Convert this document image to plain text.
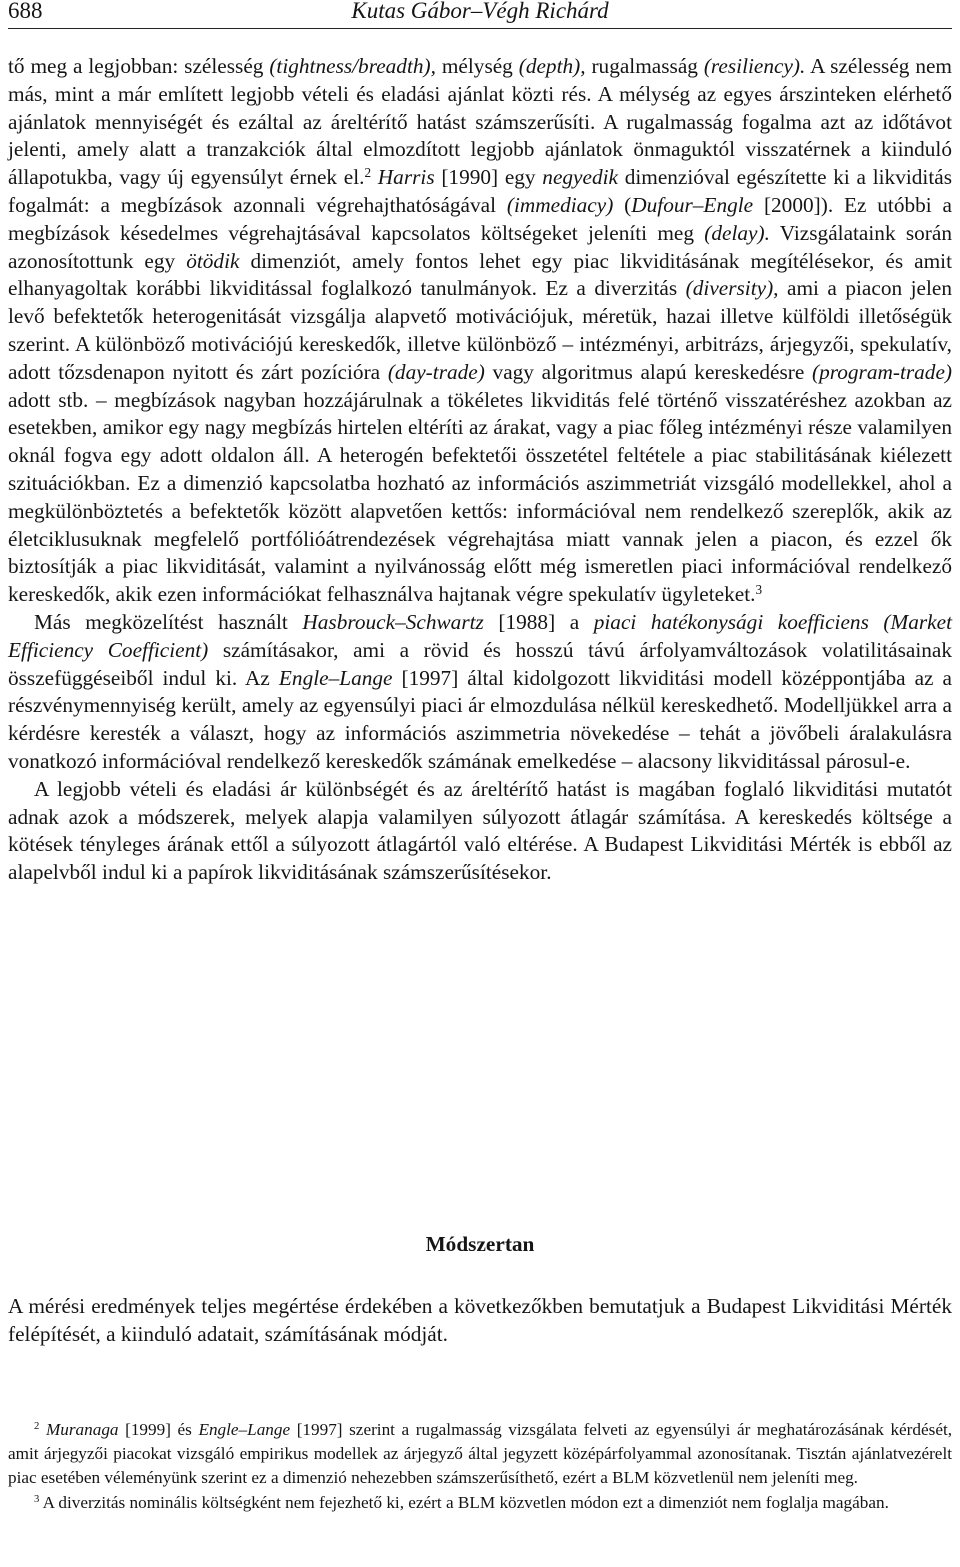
688	Kutas Gábor–Végh Richárd

tő meg a legjobban: szélesség (tightness/breadth), mélység (depth), rugalmasság (resiliency). A szélesség nem más, mint a már említett legjobb vételi és eladási ajánlat közti rés. A mélység az egyes árszinteken elérhető ajánlatok mennyiségét és ezáltal az áreltérítő hatást számszerűsíti. A rugalmasság fogalma azt az időtávot jelenti, amely alatt a tranzakciók által elmozdított legjobb ajánlatok önmaguktól visszatérnek a kiinduló állapotukba, vagy új egyensúlyt érnek el.$^2$ Harris [1990] egy negyedik dimenzióval egészítette ki a likviditás fogalmát: a megbízások azonnali végrehajthatóságával (immediacy) (Dufour–Engle [2000]). Ez utóbbi a megbízások késedelmes végrehajtásával kapcsolatos költségeket jeleníti meg (delay). Vizsgálataink során azonosítottunk egy ötödik dimenziót, amely fontos lehet egy piac likviditásának megítélésekor, és amit elhanyagoltak korábbi likviditással foglalkozó tanulmányok. Ez a diverzitás (diversity), ami a piacon jelen levő befektetők heterogenitását vizsgálja alapvető motivációjuk, méretük, hazai illetve külföldi illetőségük szerint. A különböző motivációjú kereskedők, illetve különböző – intézményi, arbitrázs, árjegyzői, spekulatív, adott tőzsdenapon nyitott és zárt pozícióra (day-trade) vagy algoritmus alapú kereskedésre (program-trade) adott stb. – megbízások nagyban hozzájárulnak a tökéletes likviditás felé történő visszatéréshez azokban az esetekben, amikor egy nagy megbízás hirtelen eltéríti az árakat, vagy a piac főleg intézményi része valamilyen oknál fogva egy adott oldalon áll. A heterogén befektetői összetétel feltétele a piac stabilitásának kiélezett szituációkban. Ez a dimenzió kapcsolatba hozható az információs aszimmetriát vizsgáló modellekkel, ahol a megkülönböztetés a befektetők között alapvetően kettős: információval nem rendelkező szereplők, akik az életciklusuknak megfelelő portfólióátrendezések végrehajtása miatt vannak jelen a piacon, és ezzel ők biztosítják a piac likviditását, valamint a nyilvánosság előtt még ismeretlen piaci információval rendelkező kereskedők, akik ezen információkat felhasználva hajtanak végre spekulatív ügyleteket.$^3$

Más megközelítést használt Hasbrouck–Schwartz [1988] a piaci hatékonysági koefficiens (Market Efficiency Coefficient) számításakor, ami a rövid és hosszú távú árfolyamváltozások volatilitásainak összefüggéseiből indul ki. Az Engle–Lange [1997] által kidolgozott likviditási modell középpontjába az a részvénymennyiség került, amely az egyensúlyi piaci ár elmozdulása nélkül kereskedhető. Modelljükkel arra a kérdésre keresték a választ, hogy az információs aszimmetria növekedése – tehát a jövőbeli áralakulásra vonatkozó információval rendelkező kereskedők számának emelkedése – alacsony likviditással párosul-e.

A legjobb vételi és eladási ár különbségét és az áreltérítő hatást is magában foglaló likviditási mutatót adnak azok a módszerek, melyek alapja valamilyen súlyozott átlagár számítása. A kereskedés költsége a kötések tényleges árának ettől a súlyozott átlagártól való eltérése. A Budapest Likviditási Mérték is ebből az alapelvből indul ki a papírok likviditásának számszerűsítésekor.

Módszertan

A mérési eredmények teljes megértése érdekében a következőkben bemutatjuk a Budapest Likviditási Mérték felépítését, a kiinduló adatait, számításának módját.

$^2$ Muranaga [1999] és Engle–Lange [1997] szerint a rugalmasság vizsgálata felveti az egyensúlyi ár meghatározásának kérdését, amit árjegyzői piacokat vizsgáló empirikus modellek az árjegyző által jegyzett középárfolyammal azonosítanak. Tisztán ajánlatvezérelt piac esetében véleményünk szerint ez a dimenzió nehezebben számszerűsíthető, ezért a BLM közvetlenül nem jeleníti meg.

$^3$ A diverzitás nominális költségként nem fejezhető ki, ezért a BLM közvetlen módon ezt a dimenziót nem foglalja magában.
